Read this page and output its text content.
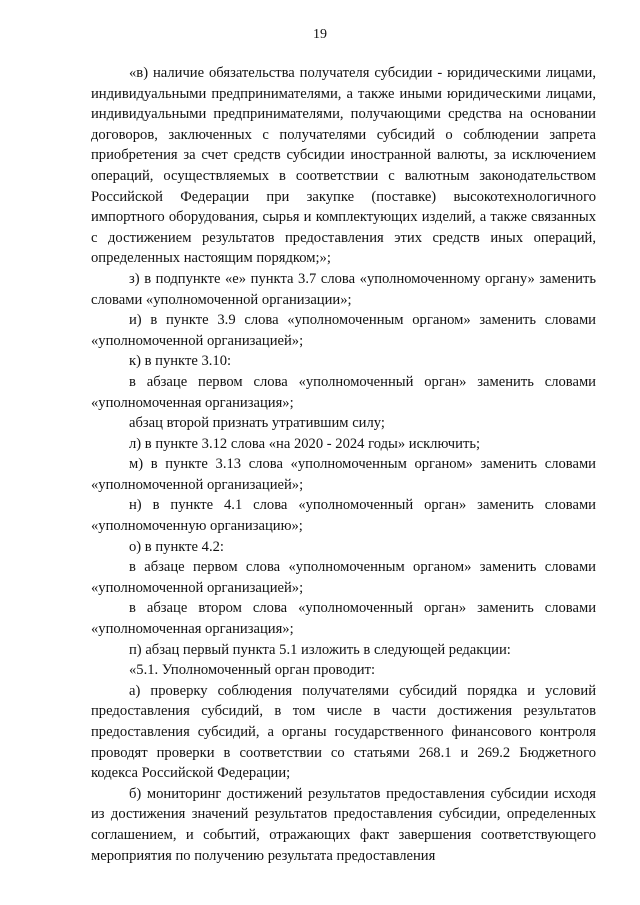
19

«в) наличие обязательства получателя субсидии - юридическими лицами, индивидуальными предпринимателями, а также иными юридическими лицами, индивидуальными предпринимателями, получающими средства на основании договоров, заключенных с получателями субсидий о соблюдении запрета приобретения за счет средств субсидии иностранной валюты, за исключением операций, осуществляемых в соответствии с валютным законодательством Российской Федерации при закупке (поставке) высокотехнологичного импортного оборудования, сырья и комплектующих изделий, а также связанных с достижением результатов предоставления этих средств иных операций, определенных настоящим порядком;»;

з) в подпункте «е» пункта 3.7 слова «уполномоченному органу» заменить словами «уполномоченной организации»;

и) в пункте 3.9 слова «уполномоченным органом» заменить словами «уполномоченной организацией»;

к) в пункте 3.10:

в абзаце первом слова «уполномоченный орган» заменить словами «уполномоченная организация»;

абзац второй признать утратившим силу;

л) в пункте 3.12 слова «на 2020 - 2024 годы» исключить;

м) в пункте 3.13 слова «уполномоченным органом» заменить словами «уполномоченной организацией»;

н) в пункте 4.1 слова «уполномоченный орган» заменить словами «уполномоченную организацию»;

о) в пункте 4.2:

в абзаце первом слова «уполномоченным органом» заменить словами «уполномоченной организацией»;

в абзаце втором слова «уполномоченный орган» заменить словами «уполномоченная организация»;

п) абзац первый пункта 5.1 изложить в следующей редакции:

«5.1. Уполномоченный орган проводит:

а) проверку соблюдения получателями субсидий порядка и условий предоставления субсидий, в том числе в части достижения результатов предоставления субсидий, а органы государственного финансового контроля проводят проверки в соответствии со статьями 268.1 и 269.2 Бюджетного кодекса Российской Федерации;

б) мониторинг достижений результатов предоставления субсидии исходя из достижения значений результатов предоставления субсидии, определенных соглашением, и событий, отражающих факт завершения соответствующего мероприятия по получению результата предоставления
